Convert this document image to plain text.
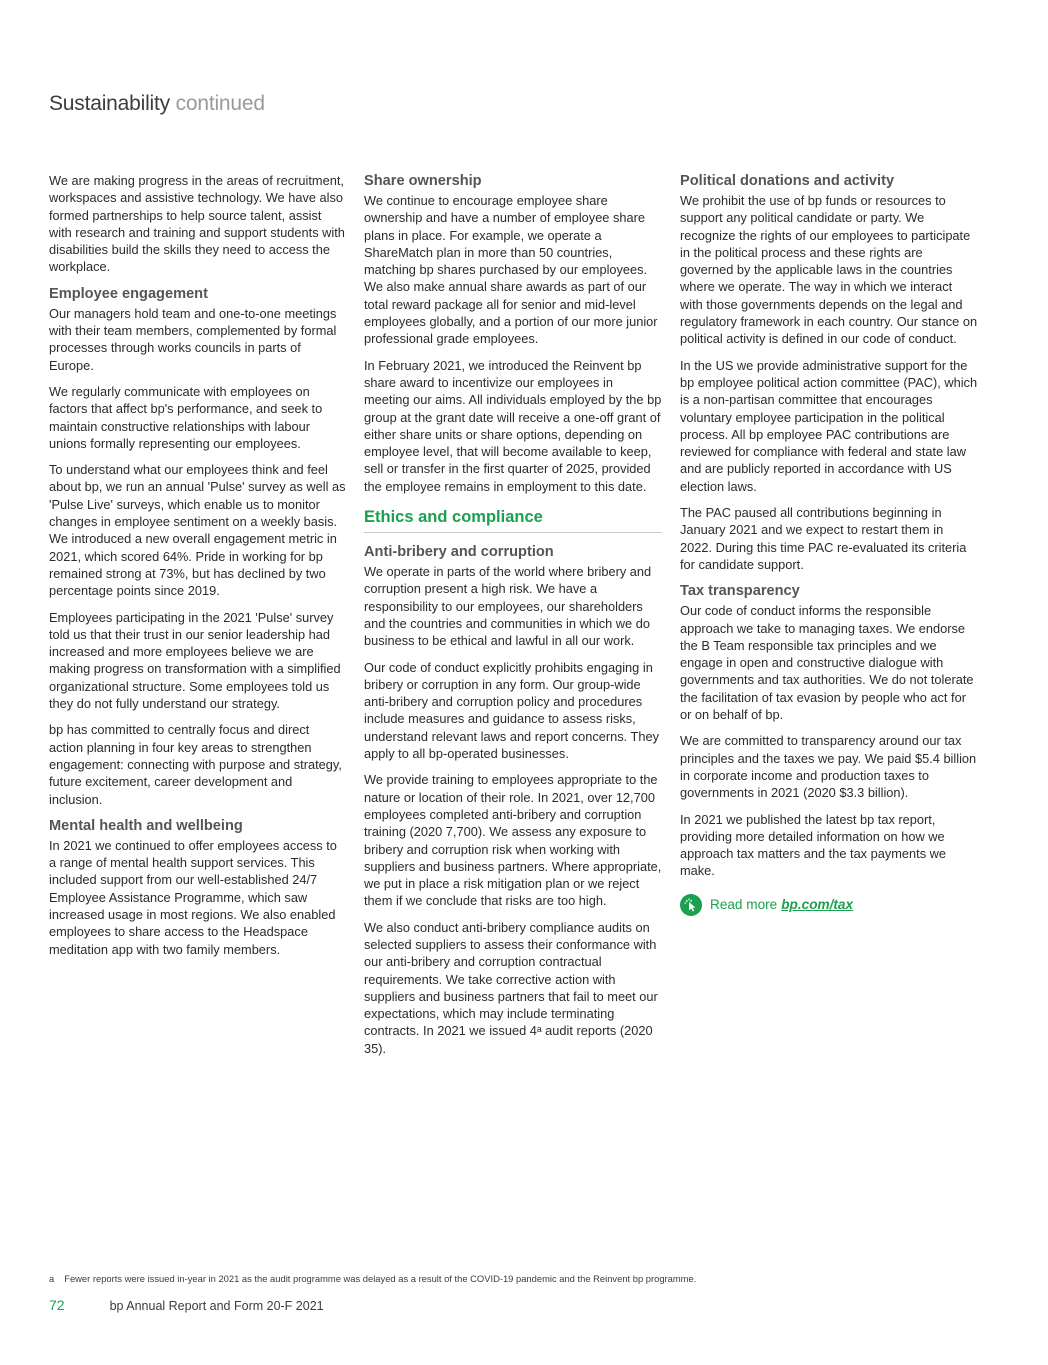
Sustainability continued

We are making progress in the areas of recruitment, workspaces and assistive technology. We have also formed partnerships to help source talent, assist with research and training and support students with disabilities build the skills they need to access the workplace.

Employee engagement

Our managers hold team and one-to-one meetings with their team members, complemented by formal processes through works councils in parts of Europe.

We regularly communicate with employees on factors that affect bp's performance, and seek to maintain constructive relationships with labour unions formally representing our employees.

To understand what our employees think and feel about bp, we run an annual 'Pulse' survey as well as 'Pulse Live' surveys, which enable us to monitor changes in employee sentiment on a weekly basis. We introduced a new overall engagement metric in 2021, which scored 64%. Pride in working for bp remained strong at 73%, but has declined by two percentage points since 2019.

Employees participating in the 2021 'Pulse' survey told us that their trust in our senior leadership had increased and more employees believe we are making progress on transformation with a simplified organizational structure. Some employees told us they do not fully understand our strategy.

bp has committed to centrally focus and direct action planning in four key areas to strengthen engagement: connecting with purpose and strategy, future excitement, career development and inclusion.

Mental health and wellbeing

In 2021 we continued to offer employees access to a range of mental health support services. This included support from our well-established 24/7 Employee Assistance Programme, which saw increased usage in most regions. We also enabled employees to share access to the Headspace meditation app with two family members.

Share ownership

We continue to encourage employee share ownership and have a number of employee share plans in place. For example, we operate a ShareMatch plan in more than 50 countries, matching bp shares purchased by our employees. We also make annual share awards as part of our total reward package all for senior and mid-level employees globally, and a portion of our more junior professional grade employees.

In February 2021, we introduced the Reinvent bp share award to incentivize our employees in meeting our aims. All individuals employed by the bp group at the grant date will receive a one-off grant of either share units or share options, depending on employee level, that will become available to keep, sell or transfer in the first quarter of 2025, provided the employee remains in employment to this date.

Ethics and compliance
Anti-bribery and corruption

We operate in parts of the world where bribery and corruption present a high risk. We have a responsibility to our employees, our shareholders and the countries and communities in which we do business to be ethical and lawful in all our work.

Our code of conduct explicitly prohibits engaging in bribery or corruption in any form. Our group-wide anti-bribery and corruption policy and procedures include measures and guidance to assess risks, understand relevant laws and report concerns. They apply to all bp-operated businesses.

We provide training to employees appropriate to the nature or location of their role. In 2021, over 12,700 employees completed anti-bribery and corruption training (2020 7,700). We assess any exposure to bribery and corruption risk when working with suppliers and business partners. Where appropriate, we put in place a risk mitigation plan or we reject them if we conclude that risks are too high.

We also conduct anti-bribery compliance audits on selected suppliers to assess their conformance with our anti-bribery and corruption contractual requirements. We take corrective action with suppliers and business partners that fail to meet our expectations, which may include terminating contracts. In 2021 we issued 4ᵃ audit reports (2020 35).

Political donations and activity

We prohibit the use of bp funds or resources to support any political candidate or party. We recognize the rights of our employees to participate in the political process and these rights are governed by the applicable laws in the countries where we operate. The way in which we interact with those governments depends on the legal and regulatory framework in each country. Our stance on political activity is defined in our code of conduct.

In the US we provide administrative support for the bp employee political action committee (PAC), which is a non-partisan committee that encourages voluntary employee participation in the political process. All bp employee PAC contributions are reviewed for compliance with federal and state law and are publicly reported in accordance with US election laws.

The PAC paused all contributions beginning in January 2021 and we expect to restart them in 2022. During this time PAC re-evaluated its criteria for candidate support.

Tax transparency

Our code of conduct informs the responsible approach we take to managing taxes. We endorse the B Team responsible tax principles and we engage in open and constructive dialogue with governments and tax authorities. We do not tolerate the facilitation of tax evasion by people who act for or on behalf of bp.

We are committed to transparency around our tax principles and the taxes we pay. We paid $5.4 billion in corporate income and production taxes to governments in 2021 (2020 $3.3 billion).

In 2021 we published the latest bp tax report, providing more detailed information on how we approach tax matters and the tax payments we make.

Read more bp.com/tax
a Fewer reports were issued in-year in 2021 as the audit programme was delayed as a result of the COVID-19 pandemic and the Reinvent bp programme.
72	bp Annual Report and Form 20-F 2021
